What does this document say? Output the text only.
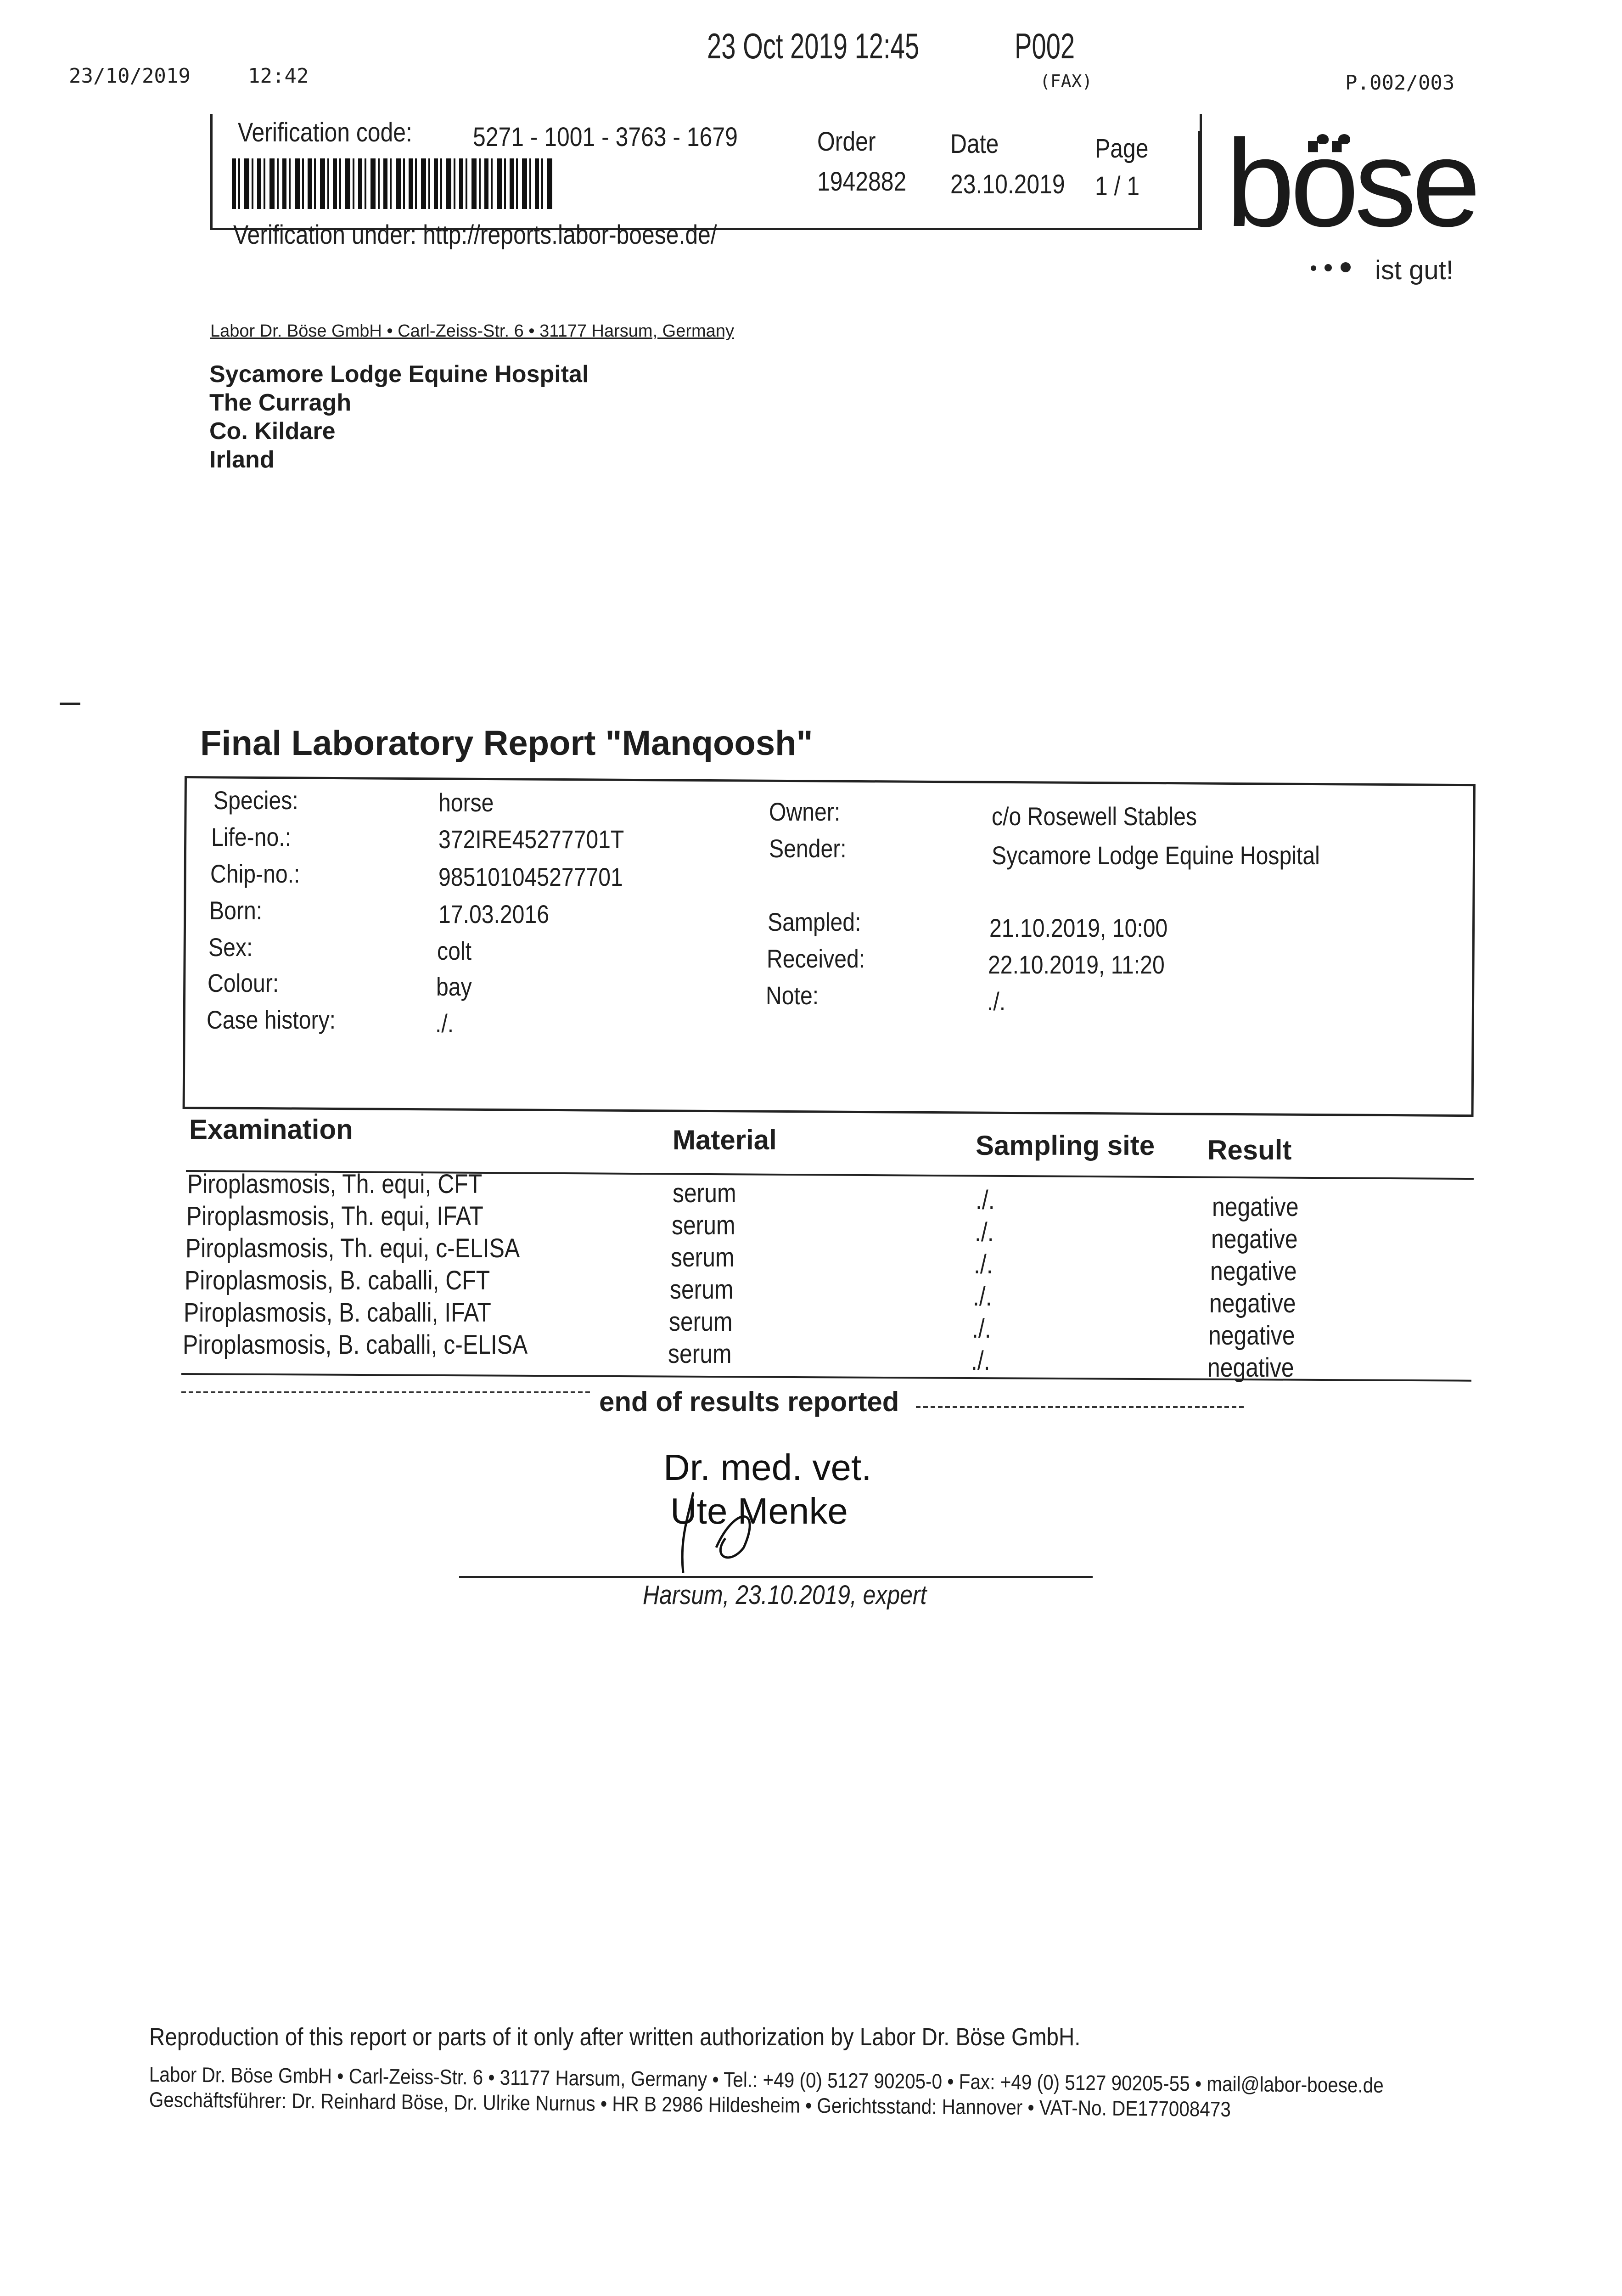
23/10/2019	12:42
23 Oct 2019 12:45	P002
(FAX)	P.002/003
Verification code: 5271 - 1001 - 3763 - 1679	Order
1942882
Date
23.10.2019
Page
1 / 1
Verification under: http://reports.labor-boese.de/	böse
ist gut!
Labor Dr. Böse GmbH • Carl-Zeiss-Str. 6 • 31177 Harsum, Germany
Sycamore Lodge Equine Hospital
The Curragh
Co. Kildare
Irland
Final Laboratory Report "Manqoosh"
Species:	horse
Life-no.:	372IRE45277701T
Chip-no.:	985101045277701
Born:	17.03.2016
Sex:	colt
Colour:	bay
Case history:	./.
Owner:	c/o Rosewell Stables
Sender:	Sycamore Lodge Equine Hospital
Sampled:	21.10.2019, 10:00
Received:	22.10.2019, 11:20
Note:	./.
Examination	Material	Sampling site Result
Piroplasmosis, Th. equi, CFT	serum	./.	negative
Piroplasmosis, Th. equi, IFAT	serum	./.	negative
Piroplasmosis, Th. equi, c-ELISA	serum	./.	negative
Piroplasmosis, B. caballi, CFT	serum	./.	negative
Piroplasmosis, B. caballi, IFAT	serum	./.	negative
Piroplasmosis, B. caballi, c-ELISA	serum	./.	negative
end of results reported
Dr. med. vet.
Ute Menke
Harsum, 23.10.2019, expert
Reproduction of this report or parts of it only after written authorization by Labor Dr. Böse GmbH.
Labor Dr. Böse GmbH • Carl-Zeiss-Str. 6 • 31177 Harsum, Germany • Tel.: +49 (0) 5127 90205-0 • Fax: +49 (0) 5127 90205-55 • mail@labor-boese.de
Geschäftsführer: Dr. Reinhard Böse, Dr. Ulrike Nurnus • HR B 2986 Hildesheim • Gerichtsstand: Hannover • VAT-No. DE177008473
